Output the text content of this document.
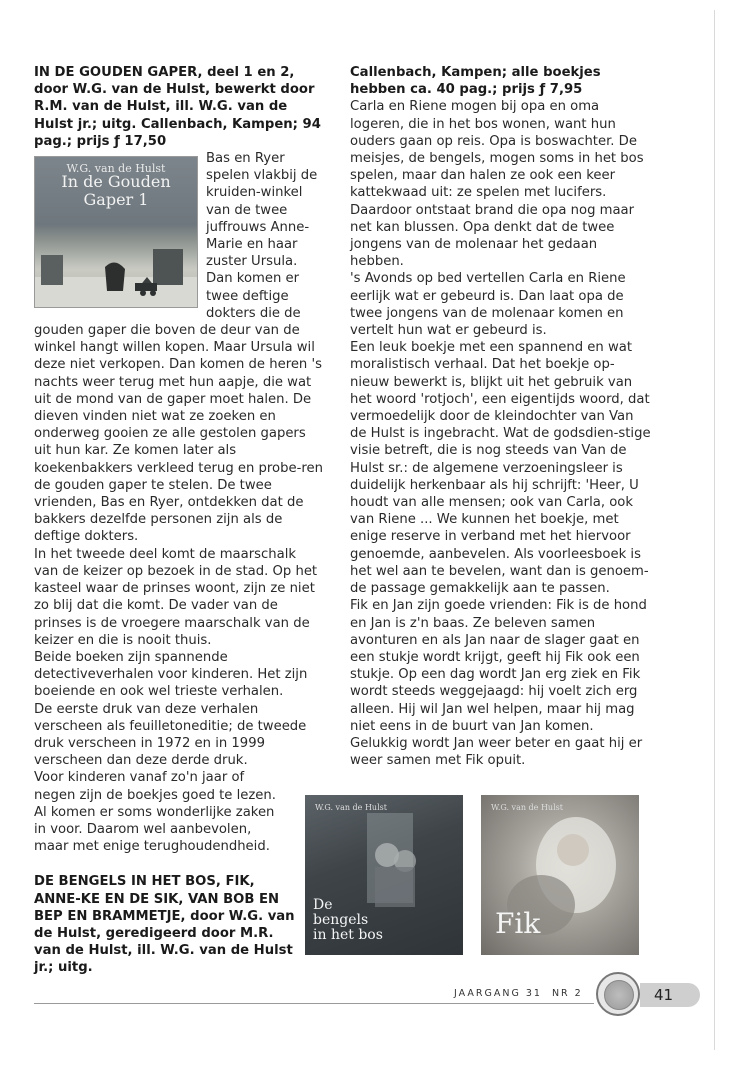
IN DE GOUDEN GAPER, deel 1 en 2, door W.G. van de Hulst, bewerkt door R.M. van de Hulst, ill. W.G. van de Hulst jr.; uitg. Callenbach, Kampen; 94 pag.; prijs ƒ 17,50

W.G. van de Hulst
In de Gouden Gaper 1

Bas en Ryer spelen vlakbij de kruiden-winkel van de twee juffrouws Anne-Marie en haar zuster Ursula. Dan komen er twee deftige dokters die de gouden gaper die boven de deur van de winkel hangt willen kopen. Maar Ursula wil deze niet verkopen. Dan komen de heren 's nachts weer terug met hun aapje, die wat uit de mond van de gaper moet halen. De dieven vinden niet wat ze zoeken en onderweg gooien ze alle gestolen gapers uit hun kar. Ze komen later als koekenbakkers verkleed terug en probe-ren de gouden gaper te stelen. De twee vrienden, Bas en Ryer, ontdekken dat de bakkers dezelfde personen zijn als de deftige dokters.

In het tweede deel komt de maarschalk van de keizer op bezoek in de stad. Op het kasteel waar de prinses woont, zijn ze niet zo blij dat die komt. De vader van de prinses is de vroegere maarschalk van de keizer en die is nooit thuis.

Beide boeken zijn spannende detectiveverhalen voor kinderen. Het zijn boeiende en ook wel trieste verhalen.

De eerste druk van deze verhalen verscheen als feuilletoneditie; de tweede druk verscheen in 1972 en in 1999 verscheen dan deze derde druk.

Voor kinderen vanaf zo'n jaar of negen zijn de boekjes goed te lezen. Al komen er soms wonderlijke zaken in voor. Daarom wel aanbevolen, maar met enige terughoudendheid.

DE BENGELS IN HET BOS, FIK, ANNE-KE EN DE SIK, VAN BOB EN BEP EN BRAMMETJE, door W.G. van de Hulst, geredigeerd door M.R. van de Hulst, ill. W.G. van de Hulst jr.; uitg.

Callenbach, Kampen; alle boekjes hebben ca. 40 pag.; prijs ƒ 7,95

Carla en Riene mogen bij opa en oma logeren, die in het bos wonen, want hun ouders gaan op reis. Opa is boswachter. De meisjes, de bengels, mogen soms in het bos spelen, maar dan halen ze ook een keer kattekwaad uit: ze spelen met lucifers. Daardoor ontstaat brand die opa nog maar net kan blussen. Opa denkt dat de twee jongens van de molenaar het gedaan hebben.

's Avonds op bed vertellen Carla en Riene eerlijk wat er gebeurd is. Dan laat opa de twee jongens van de molenaar komen en vertelt hun wat er gebeurd is.

Een leuk boekje met een spannend en wat moralistisch verhaal. Dat het boekje op-nieuw bewerkt is, blijkt uit het gebruik van het woord 'rotjoch', een eigentijds woord, dat vermoedelijk door de kleindochter van Van de Hulst is ingebracht. Wat de godsdien-stige visie betreft, die is nog steeds van Van de Hulst sr.: de algemene verzoeningsleer is duidelijk herkenbaar als hij schrijft: 'Heer, U houdt van alle mensen; ook van Carla, ook van Riene ... We kunnen het boekje, met enige reserve in verband met het hiervoor genoemde, aanbevelen. Als voorleesboek is het wel aan te bevelen, want dan is genoem-de passage gemakkelijk aan te passen.

Fik en Jan zijn goede vrienden: Fik is de hond en Jan is z'n baas. Ze beleven samen avonturen en als Jan naar de slager gaat en een stukje wordt krijgt, geeft hij Fik ook een stukje. Op een dag wordt Jan erg ziek en Fik wordt steeds weggejaagd: hij voelt zich erg alleen. Hij wil Jan wel helpen, maar hij mag niet eens in de buurt van Jan komen. Gelukkig wordt Jan weer beter en gaat hij er weer samen met Fik opuit.

W.G. van de Hulst
De bengels in het bos
W.G. van de Hulst
Fik
JAARGANG 31 NR 2	41
